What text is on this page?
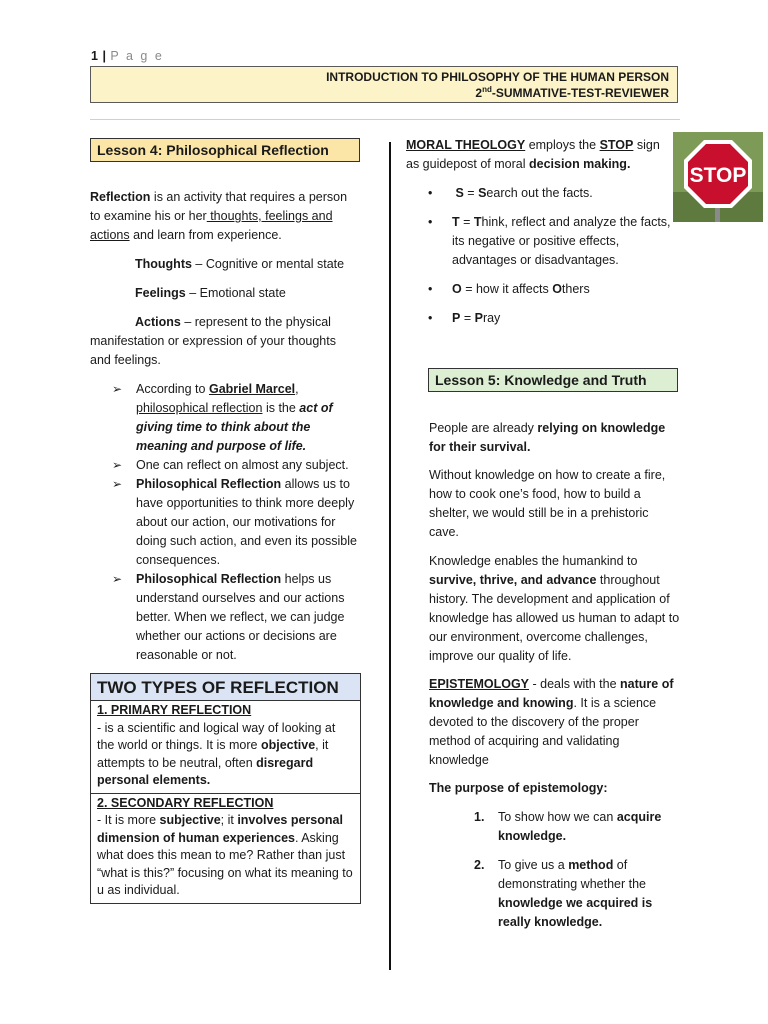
1 | P a g e
INTRODUCTION TO PHILOSOPHY OF THE HUMAN PERSON
2nd-SUMMATIVE-TEST-REVIEWER
Lesson 4: Philosophical Reflection
Reflection is an activity that requires a person to examine his or her thoughts, feelings and actions and learn from experience.
Thoughts – Cognitive or mental state
Feelings – Emotional state
Actions – represent to the physical manifestation or expression of your thoughts and feelings.
➢ According to Gabriel Marcel, philosophical reflection is the act of giving time to think about the meaning and purpose of life.
➢ One can reflect on almost any subject.
➢ Philosophical Reflection allows us to have opportunities to think more deeply about our action, our motivations for doing such action, and even its possible consequences.
➢ Philosophical Reflection helps us understand ourselves and our actions better. When we reflect, we can judge whether our actions or decisions are reasonable or not.
TWO TYPES OF REFLECTION
1. PRIMARY REFLECTION
- is a scientific and logical way of looking at the world or things. It is more objective, it attempts to be neutral, often disregard personal elements.
2. SECONDARY REFLECTION
- It is more subjective; it involves personal dimension of human experiences. Asking what does this mean to me? Rather than just “what is this?” focusing on what its meaning to u as individual.
MORAL THEOLOGY employs the STOP sign as guidepost of moral decision making.	STOP
• S = Search out the facts.
• T = Think, reflect and analyze the facts, its negative or positive effects, advantages or disadvantages.
• O = how it affects Others
• P = Pray
Lesson 5: Knowledge and Truth
People are already relying on knowledge for their survival.
Without knowledge on how to create a fire, how to cook one’s food, how to build a shelter, we would still be in a prehistoric cave.
Knowledge enables the humankind to survive, thrive, and advance throughout history. The development and application of knowledge has allowed us human to adapt to our environment, overcome challenges, improve our quality of life.
EPISTEMOLOGY - deals with the nature of knowledge and knowing. It is a science devoted to the discovery of the proper method of acquiring and validating knowledge
The purpose of epistemology:
1. To show how we can acquire knowledge.
2. To give us a method of demonstrating whether the knowledge we acquired is really knowledge.
